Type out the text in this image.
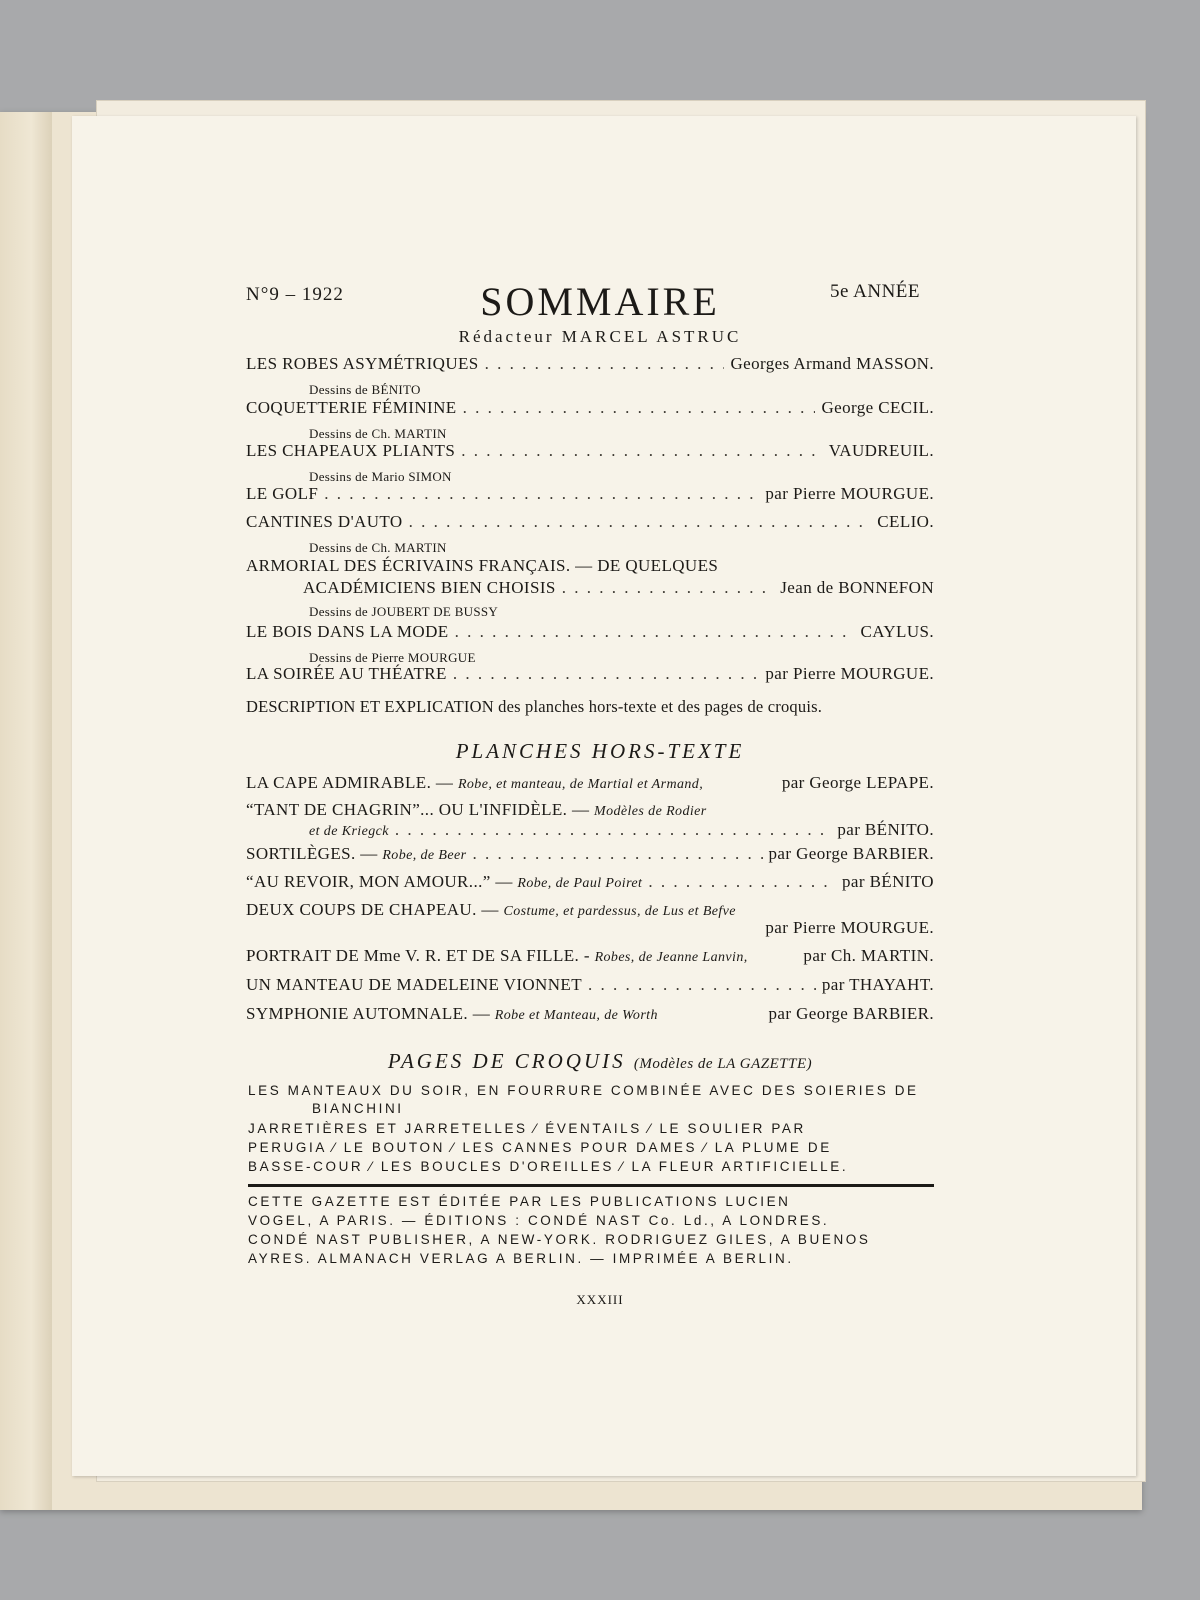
N°9 – 1922	SOMMAIRE	5e ANNÉE
Rédacteur MARCEL ASTRUC
LES ROBES ASYMÉTRIQUES . . .	Georges Armand MASSON.
Dessins de BÉNITO
COQUETTERIE FÉMININE . . .	George CECIL.
Dessins de Ch. MARTIN
LES CHAPEAUX PLIANTS . . .	VAUDREUIL.
Dessins de Mario SIMON
LE GOLF . . .	par Pierre MOURGUE.
CANTINES D'AUTO . . .	CELIO.
Dessins de Ch. MARTIN
ARMORIAL DES ÉCRIVAINS FRANÇAIS. — DE QUELQUES
ACADÉMICIENS BIEN CHOISIS . . .	Jean de BONNEFON
Dessins de JOUBERT DE BUSSY
LE BOIS DANS LA MODE . . .	CAYLUS.
Dessins de Pierre MOURGUE
LA SOIRÉE AU THÉATRE . . .	par Pierre MOURGUE.
DESCRIPTION ET EXPLICATION des planches hors-texte et des pages de croquis.
PLANCHES HORS-TEXTE
LA CAPE ADMIRABLE. —
Robe, et manteau, de Martial et Armand,	par George LEPAPE.
“TANT DE CHAGRIN”... OU L'INFIDÈLE. —
Modèles de Rodier
et de Kriegck . . .	par BÉNITO.
SORTILÈGES. —
Robe, de Beer . . .	par George BARBIER.
“AU REVOIR, MON AMOUR...” —
Robe, de Paul Poiret . . .	par BÉNITO
DEUX COUPS DE CHAPEAU. —
Costume, et pardessus, de Lus et Befve
par Pierre MOURGUE.
PORTRAIT DE Mme V. R. ET DE SA FILLE. -
Robes, de Jeanne Lanvin,	par Ch. MARTIN.
UN MANTEAU DE MADELEINE VIONNET . . .	par THAYAHT.
SYMPHONIE AUTOMNALE. —
Robe et Manteau, de Worth	par George BARBIER.
PAGES DE CROQUIS (Modèles de LA GAZETTE)
LES MANTEAUX DU SOIR, EN FOURRURE COMBINÉE AVEC DES SOIERIES DE
BIANCHINI
JARRETIÈRES ET JARRETELLES ⁄ ÉVENTAILS ⁄ LE SOULIER PAR
PERUGIA ⁄ LE BOUTON ⁄ LES CANNES POUR DAMES ⁄ LA PLUME DE
BASSE-COUR ⁄ LES BOUCLES D'OREILLES ⁄ LA FLEUR ARTIFICIELLE.
CETTE GAZETTE EST ÉDITÉE PAR LES PUBLICATIONS LUCIEN
VOGEL, A PARIS. — ÉDITIONS : CONDÉ NAST Co. Ld., A LONDRES.
CONDÉ NAST PUBLISHER, A NEW-YORK. RODRIGUEZ GILES, A BUENOS
AYRES. ALMANACH VERLAG A BERLIN. — IMPRIMÉE A BERLIN.
XXXIII
